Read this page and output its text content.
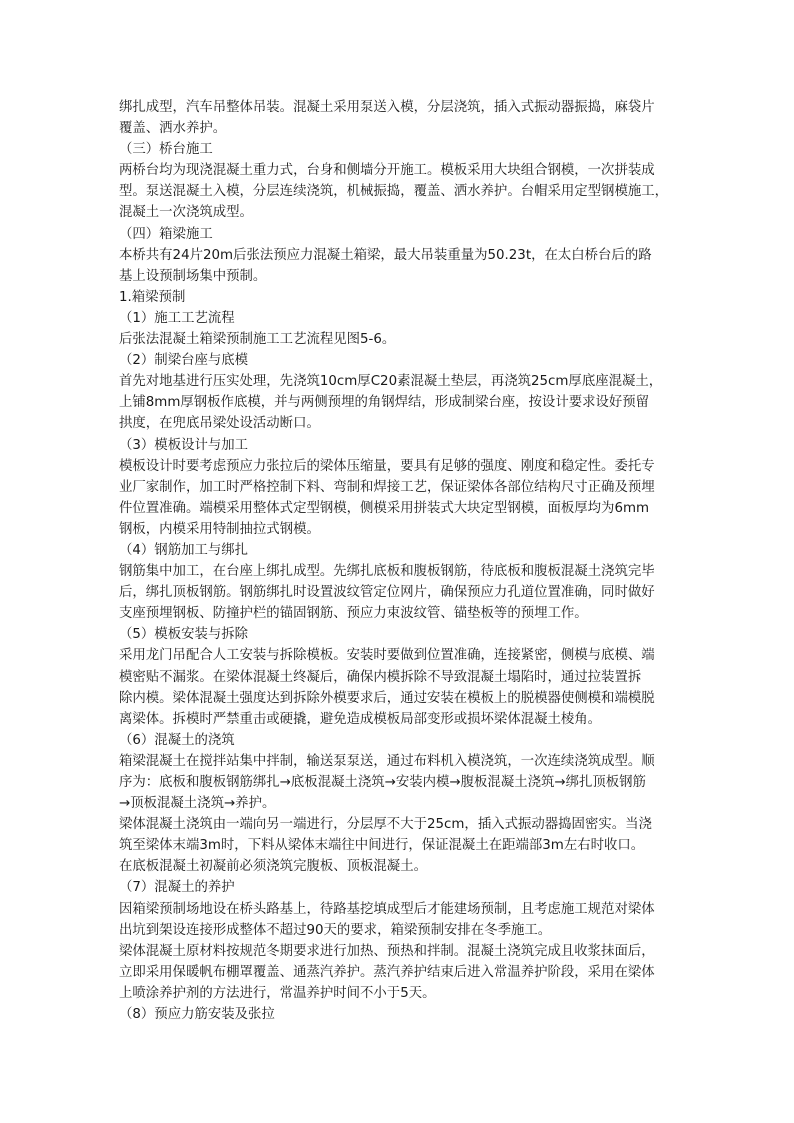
绑扎成型，汽车吊整体吊装。混凝土采用泵送入模，分层浇筑，插入式振动器振捣，麻袋片
覆盖、洒水养护。
（三）桥台施工
两桥台均为现浇混凝土重力式，台身和侧墙分开施工。模板采用大块组合钢模，一次拼装成
型。泵送混凝土入模，分层连续浇筑，机械振捣，覆盖、洒水养护。台帽采用定型钢模施工，
混凝土一次浇筑成型。
（四）箱梁施工
本桥共有24片20m后张法预应力混凝土箱梁，最大吊装重量为50.23t，在太白桥台后的路
基上设预制场集中预制。
1.箱梁预制
（1）施工工艺流程
后张法混凝土箱梁预制施工工艺流程见图5-6。
（2）制梁台座与底模
首先对地基进行压实处理，先浇筑10cm厚C20素混凝土垫层，再浇筑25cm厚底座混凝土，
上铺8mm厚钢板作底模，并与两侧预埋的角钢焊结，形成制梁台座，按设计要求设好预留
拱度，在兜底吊梁处设活动断口。
（3）模板设计与加工
模板设计时要考虑预应力张拉后的梁体压缩量，要具有足够的强度、刚度和稳定性。委托专
业厂家制作，加工时严格控制下料、弯制和焊接工艺，保证梁体各部位结构尺寸正确及预埋
件位置准确。端模采用整体式定型钢模，侧模采用拼装式大块定型钢模，面板厚均为6mm
钢板，内模采用特制抽拉式钢模。
（4）钢筋加工与绑扎
钢筋集中加工，在台座上绑扎成型。先绑扎底板和腹板钢筋，待底板和腹板混凝土浇筑完毕
后，绑扎顶板钢筋。钢筋绑扎时设置波纹管定位网片，确保预应力孔道位置准确，同时做好
支座预埋钢板、防撞护栏的锚固钢筋、预应力束波纹管、锚垫板等的预埋工作。
（5）模板安装与拆除
采用龙门吊配合人工安装与拆除模板。安装时要做到位置准确，连接紧密，侧模与底模、端
模密贴不漏浆。在梁体混凝土终凝后，确保内模拆除不导致混凝土塌陷时，通过拉装置拆
除内模。梁体混凝土强度达到拆除外模要求后，通过安装在模板上的脱模器使侧模和端模脱
离梁体。拆模时严禁重击或硬撬，避免造成模板局部变形或损坏梁体混凝土棱角。
（6）混凝土的浇筑
箱梁混凝土在搅拌站集中拌制，输送泵泵送，通过布料机入模浇筑，一次连续浇筑成型。顺
序为：底板和腹板钢筋绑扎→底板混凝土浇筑→安装内模→腹板混凝土浇筑→绑扎顶板钢筋
→顶板混凝土浇筑→养护。
梁体混凝土浇筑由一端向另一端进行，分层厚不大于25cm，插入式振动器捣固密实。当浇
筑至梁体末端3m时，下料从梁体末端往中间进行，保证混凝土在距端部3m左右时收口。
在底板混凝土初凝前必须浇筑完腹板、顶板混凝土。
（7）混凝土的养护
因箱梁预制场地设在桥头路基上，待路基挖填成型后才能建场预制，且考虑施工规范对梁体
出坑到架设连接形成整体不超过90天的要求，箱梁预制安排在冬季施工。
梁体混凝土原材料按规范冬期要求进行加热、预热和拌制。混凝土浇筑完成且收浆抹面后，
立即采用保暖帆布棚罩覆盖、通蒸汽养护。蒸汽养护结束后进入常温养护阶段，采用在梁体
上喷涂养护剂的方法进行，常温养护时间不小于5天。
（8）预应力筋安装及张拉
